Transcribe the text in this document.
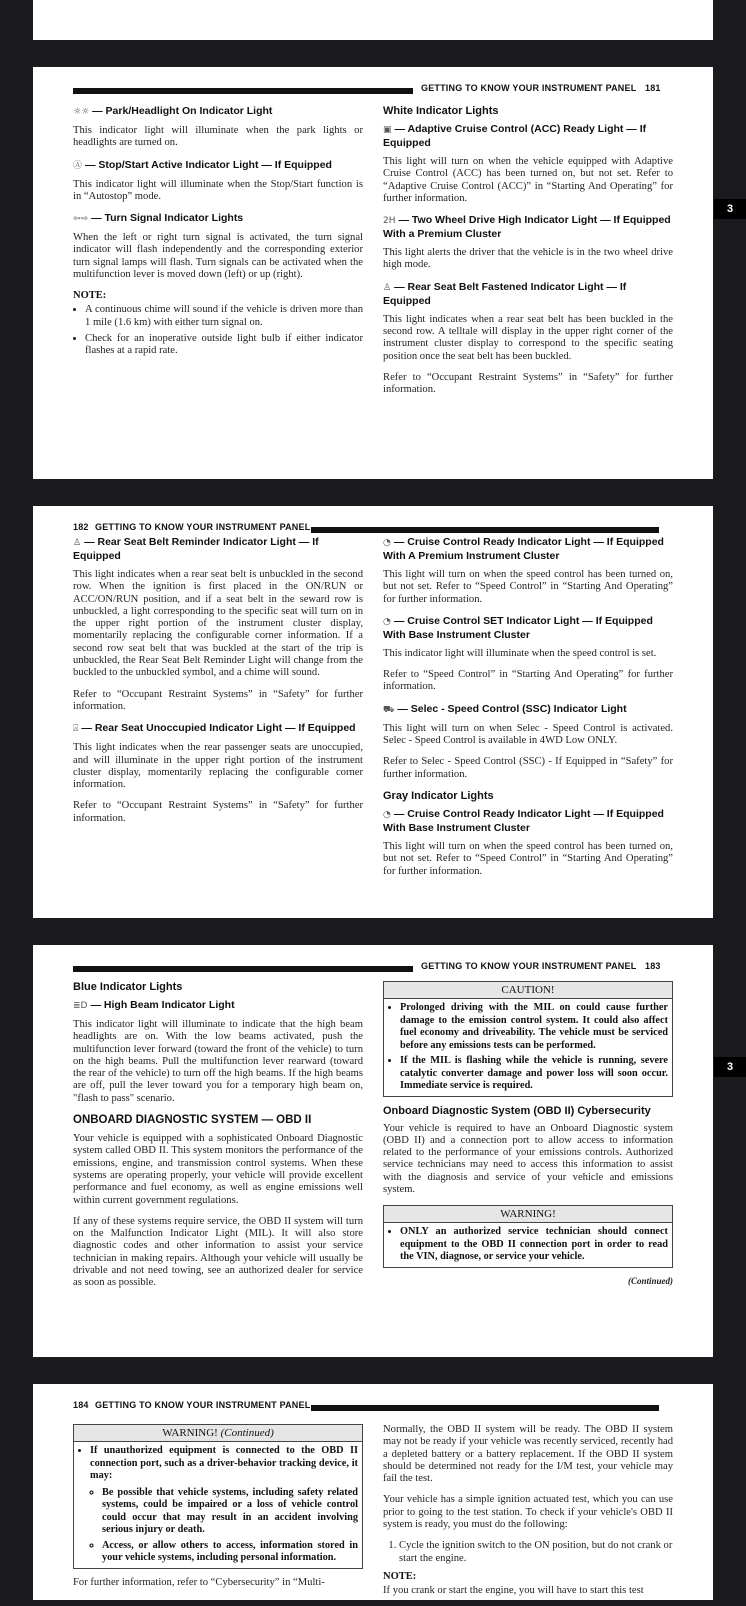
GETTING TO KNOW YOUR INSTRUMENT PANEL 181
3
☼☼ — Park/Headlight On Indicator Light

This indicator light will illuminate when the park lights or headlights are turned on.

Ⓐ — Stop/Start Active Indicator Light — If Equipped

This indicator light will illuminate when the Stop/Start function is in “Autostop” mode.

⇦⇨ — Turn Signal Indicator Lights

When the left or right turn signal is activated, the turn signal indicator will flash independently and the corresponding exterior turn signal lamps will flash. Turn signals can be activated when the multifunction lever is moved down (left) or up (right).

NOTE:
• A continuous chime will sound if the vehicle is driven more than 1 mile (1.6 km) with either turn signal on.
• Check for an inoperative outside light bulb if either indicator flashes at a rapid rate.
White Indicator Lights
▣ — Adaptive Cruise Control (ACC) Ready Light — If Equipped

This light will turn on when the vehicle equipped with Adaptive Cruise Control (ACC) has been turned on, but not set. Refer to “Adaptive Cruise Control (ACC)” in “Starting And Operating” for further information.

2H — Two Wheel Drive High Indicator Light — If Equipped With a Premium Cluster

This light alerts the driver that the vehicle is in the two wheel drive high mode.

♙ — Rear Seat Belt Fastened Indicator Light — If Equipped

This light indicates when a rear seat belt has been buckled in the second row. A telltale will display in the upper right corner of the instrument cluster display to correspond to the specific seating position once the seat belt has been buckled.

Refer to “Occupant Restraint Systems” in “Safety” for further information.

182 GETTING TO KNOW YOUR INSTRUMENT PANEL
♙ — Rear Seat Belt Reminder Indicator Light — If Equipped

This light indicates when a rear seat belt is unbuckled in the second row. When the ignition is first placed in the ON/RUN or ACC/ON/RUN position, and if a seat belt in the seward row is unbuckled, a light corresponding to the specific seat will turn on in the upper right portion of the instrument cluster display, momentarily replacing the configurable corner information. If a second row seat belt that was buckled at the start of the trip is unbuckled, the Rear Seat Belt Reminder Light will change from the buckled to the unbuckled symbol, and a chime will sound.

Refer to “Occupant Restraint Systems” in “Safety” for further information.

⍓ — Rear Seat Unoccupied Indicator Light — If Equipped

This light indicates when the rear passenger seats are unoccupied, and will illuminate in the upper right portion of the instrument cluster display, momentarily replacing the configurable corner information.

Refer to “Occupant Restraint Systems” in “Safety” for further information.

◔ — Cruise Control Ready Indicator Light — If Equipped With A Premium Instrument Cluster

This light will turn on when the speed control has been turned on, but not set. Refer to “Speed Control” in “Starting And Operating” for further information.

◔ — Cruise Control SET Indicator Light — If Equipped With Base Instrument Cluster

This indicator light will illuminate when the speed control is set.

Refer to “Speed Control” in “Starting And Operating” for further information.

⛟ — Selec - Speed Control (SSC) Indicator Light

This light will turn on when Selec - Speed Control is activated. Selec - Speed Control is available in 4WD Low ONLY.

Refer to Selec - Speed Control (SSC) - If Equipped in “Safety” for further information.

Gray Indicator Lights
◔ — Cruise Control Ready Indicator Light — If Equipped With Base Instrument Cluster

This light will turn on when the speed control has been turned on, but not set. Refer to “Speed Control” in “Starting And Operating” for further information.

GETTING TO KNOW YOUR INSTRUMENT PANEL 183
3
Blue Indicator Lights
≣D — High Beam Indicator Light

This indicator light will illuminate to indicate that the high beam headlights are on. With the low beams activated, push the multifunction lever forward (toward the front of the vehicle) to turn on the high beams. Pull the multifunction lever rearward (toward the rear of the vehicle) to turn off the high beams. If the high beams are off, pull the lever toward you for a temporary high beam on, "flash to pass" scenario.

ONBOARD DIAGNOSTIC SYSTEM — OBD II

Your vehicle is equipped with a sophisticated Onboard Diagnostic system called OBD II. This system monitors the performance of the emissions, engine, and transmission control systems. When these systems are operating properly, your vehicle will provide excellent performance and fuel economy, as well as engine emissions well within current government regulations.

If any of these systems require service, the OBD II system will turn on the Malfunction Indicator Light (MIL). It will also store diagnostic codes and other information to assist your service technician in making repairs. Although your vehicle will usually be drivable and not need towing, see an authorized dealer for service as soon as possible.

CAUTION!
• Prolonged driving with the MIL on could cause further damage to the emission control system. It could also affect fuel economy and driveability. The vehicle must be serviced before any emissions tests can be performed.
• If the MIL is flashing while the vehicle is running, severe catalytic converter damage and power loss will soon occur. Immediate service is required.
Onboard Diagnostic System (OBD II) Cybersecurity

Your vehicle is required to have an Onboard Diagnostic system (OBD II) and a connection port to allow access to information related to the performance of your emissions controls. Authorized service technicians may need to access this information to assist with the diagnosis and service of your vehicle and emissions system.

WARNING!
• ONLY an authorized service technician should connect equipment to the OBD II connection port in order to read the VIN, diagnose, or service your vehicle.
(Continued)
184 GETTING TO KNOW YOUR INSTRUMENT PANEL
WARNING! (Continued)
• If unauthorized equipment is connected to the OBD II connection port, such as a driver-behavior tracking device, it may:
◦ Be possible that vehicle systems, including safety related systems, could be impaired or a loss of vehicle control could occur that may result in an accident involving serious injury or death.
◦ Access, or allow others to access, information stored in your vehicle systems, including personal information.

For further information, refer to “Cybersecurity” in “Multi-

Normally, the OBD II system will be ready. The OBD II system may not be ready if your vehicle was recently serviced, recently had a depleted battery or a battery replacement. If the OBD II system should be determined not ready for the I/M test, your vehicle may fail the test.

Your vehicle has a simple ignition actuated test, which you can use prior to going to the test station. To check if your vehicle's OBD II system is ready, you must do the following:

1. Cycle the ignition switch to the ON position, but do not crank or start the engine.
NOTE:

If you crank or start the engine, you will have to start this test
